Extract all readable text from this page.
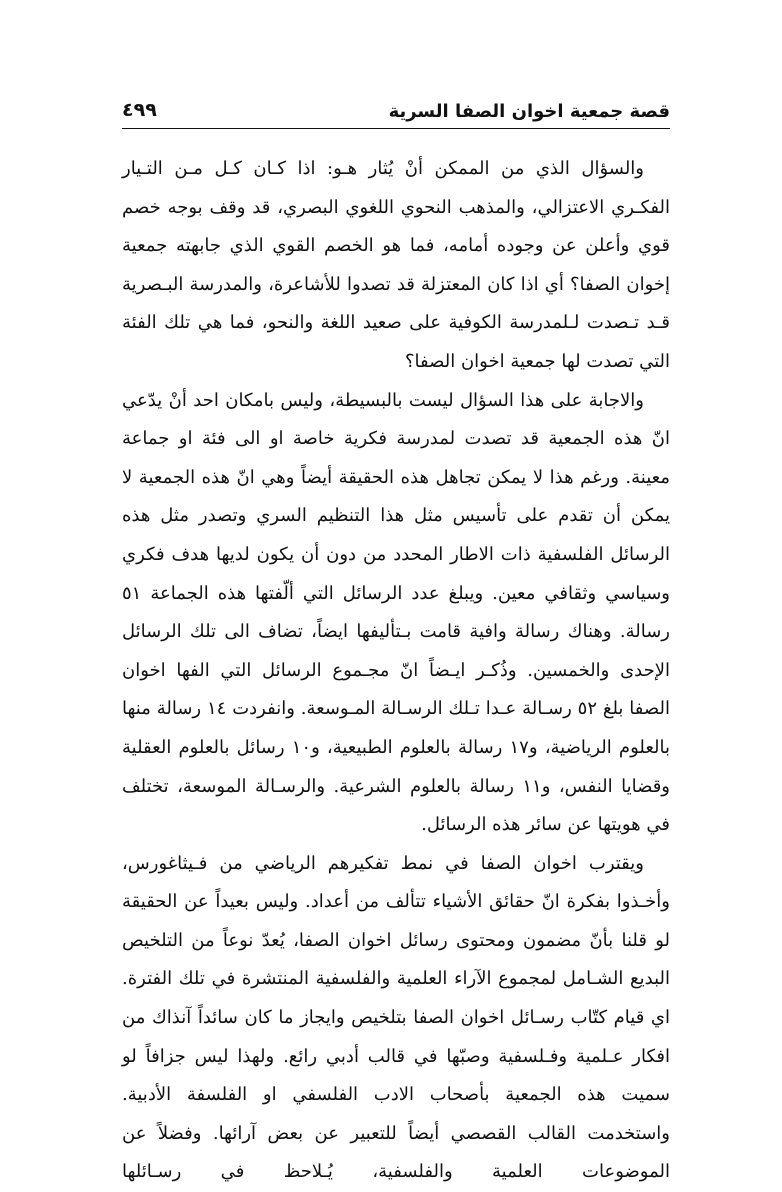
قصة جمعية اخوان الصفا السرية
٤٩٩

والسؤال الذي من الممكن أنْ يُثار هـو: اذا كـان كـل مـن التـيار الفكـري الاعتزالي، والمذهب النحوي اللغوي البصري، قد وقف بوجه خصم قوي وأعلن عن وجوده أمامه، فما هو الخصم القوي الذي جابهته جمعية إخوان الصفا؟ أي اذا كان المعتزلة قد تصدوا للأشاعرة، والمدرسة البـصرية قـد تـصدت لـلمدرسة الكوفية على صعيد اللغة والنحو، فما هي تلك الفئة التي تصدت لها جمعية اخوان الصفا؟

والاجابة على هذا السؤال ليست بالبسيطة، وليس بامكان احد أنْ يدّعي انّ هذه الجمعية قد تصدت لمدرسة فكرية خاصة او الى فئة او جماعة معينة. ورغم هذا لا يمكن تجاهل هذه الحقيقة أيضاً وهي انّ هذه الجمعية لا يمكن أن تقدم على تأسيس مثل هذا التنظيم السري وتصدر مثل هذه الرسائل الفلسفية ذات الاطار المحدد من دون أن يكون لديها هدف فكري وسياسي وثقافي معين. ويبلغ عدد الرسائل التي ألّفتها هذه الجماعة ٥١ رسالة. وهناك رسالة وافية قامت بـتأليفها ايضاً، تضاف الى تلك الرسائل الإحدى والخمسين. وذُكـر ايـضاً انّ مجـموع الرسائل التي الفها اخوان الصفا بلغ ٥٢ رسـالة عـدا تـلك الرسـالة المـوسعة. وانفردت ١٤ رسالة منها بالعلوم الرياضية، و١٧ رسالة بالعلوم الطبيعية، و١٠ رسائل بالعلوم العقلية وقضايا النفس، و١١ رسالة بالعلوم الشرعية. والرسـالة الموسعة، تختلف في هويتها عن سائر هذه الرسائل.

ويقترب اخوان الصفا في نمط تفكيرهم الرياضي من فـيثاغورس، وأخـذوا بفكرة انّ حقائق الأشياء تتألف من أعداد. وليس بعيداً عن الحقيقة لو قلنا بأنّ مضمون ومحتوى رسائل اخوان الصفا، يُعدّ نوعاً من التلخيص البديع الشـامل لمجموع الآراء العلمية والفلسفية المنتشرة في تلك الفترة. اي قيام كتّاب رسـائل اخوان الصفا بتلخيص وايجاز ما كان سائداً آنذاك من افكار عـلمية وفـلسفية وصبّها في قالب أدبي رائع. ولهذا ليس جزافاً لو سميت هذه الجمعية بأصحاب الادب الفلسفي او الفلسفة الأدبية. واستخدمت القالب القصصي أيضاً للتعبير عن بعض آرائها. وفضلاً عن الموضوعات العلمية والفلسفية، يُـلاحظ في رسـائلها
